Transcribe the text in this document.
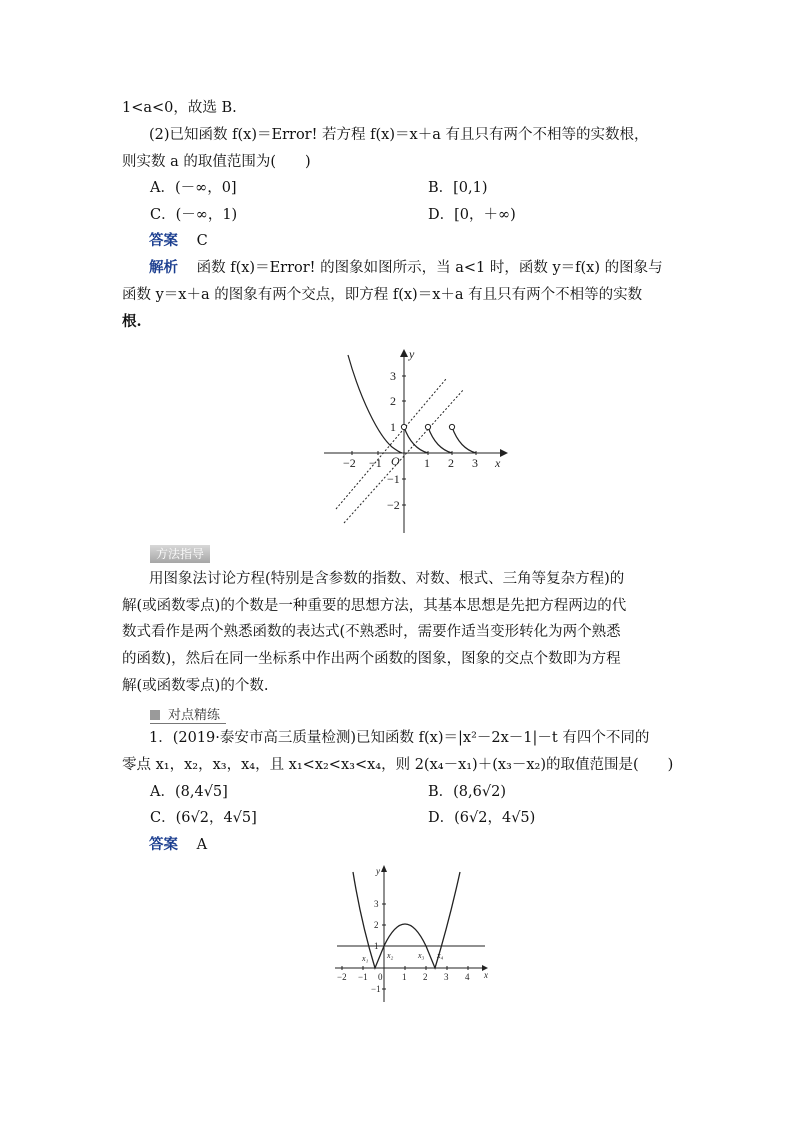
1<a<0，故选 B.
(2)已知函数 f(x)＝Error! 若方程 f(x)＝x＋a 有且只有两个不相等的实数根，
则实数 a 的取值范围为(　　)
A．(－∞，0]	B．[0,1)
C．(－∞，1)	D．[0，＋∞)
答案 C
解析 函数 f(x)＝Error! 的图象如图所示，当 a<1 时，函数 y＝f(x) 的图象与
函数 y＝x＋a 的图象有两个交点，即方程 f(x)＝x＋a 有且只有两个不相等的实数
根.
x
y
O
−2 −1	1 2 3
3
2
1
−1
−2
方法指导
用图象法讨论方程(特别是含参数的指数、对数、根式、三角等复杂方程)的
解(或函数零点)的个数是一种重要的思想方法，其基本思想是先把方程两边的代
数式看作是两个熟悉函数的表达式(不熟悉时，需要作适当变形转化为两个熟悉
的函数)，然后在同一坐标系中作出两个函数的图象，图象的交点个数即为方程
解(或函数零点)的个数.
对点精练
1．(2019·泰安市高三质量检测)已知函数 f(x)＝|x²－2x－1|－t 有四个不同的
零点 x₁，x₂，x₃，x₄，且 x₁<x₂<x₃<x₄，则 2(x₄－x₁)＋(x₃－x₂)的取值范围是(　　)
A．(8,4√5]	B．(8,6√2)
C．(6√2，4√5]	D．(6√2，4√5)
答案 A
x
y
−2 −1 0 1 2 3 4
3
2
1
−1
x₁ x₂	x₃ x₄
